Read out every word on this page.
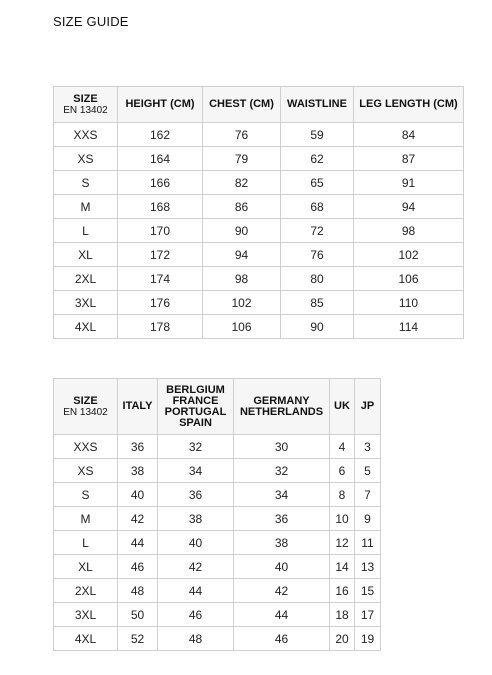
SIZE GUIDE
SIZE
EN 13402	HEIGHT (CM)	CHEST (CM)	WAISTLINE	LEG LENGTH (CM)
XXS	162	76	59	84
XS	164	79	62	87
S	166	82	65	91
M	168	86	68	94
L	170	90	72	98
XL	172	94	76	102
2XL	174	98	80	106
3XL	176	102	85	110
4XL	178	106	90	114
SIZE
EN 13402	ITALY	BERLGIUM
FRANCE
PORTUGAL
SPAIN	GERMANY
NETHERLANDS	UK	JP
XXS	36	32	30	4	3
XS	38	34	32	6	5
S	40	36	34	8	7
M	42	38	36	10	9
L	44	40	38	12	11
XL	46	42	40	14	13
2XL	48	44	42	16	15
3XL	50	46	44	18	17
4XL	52	48	46	20	19
